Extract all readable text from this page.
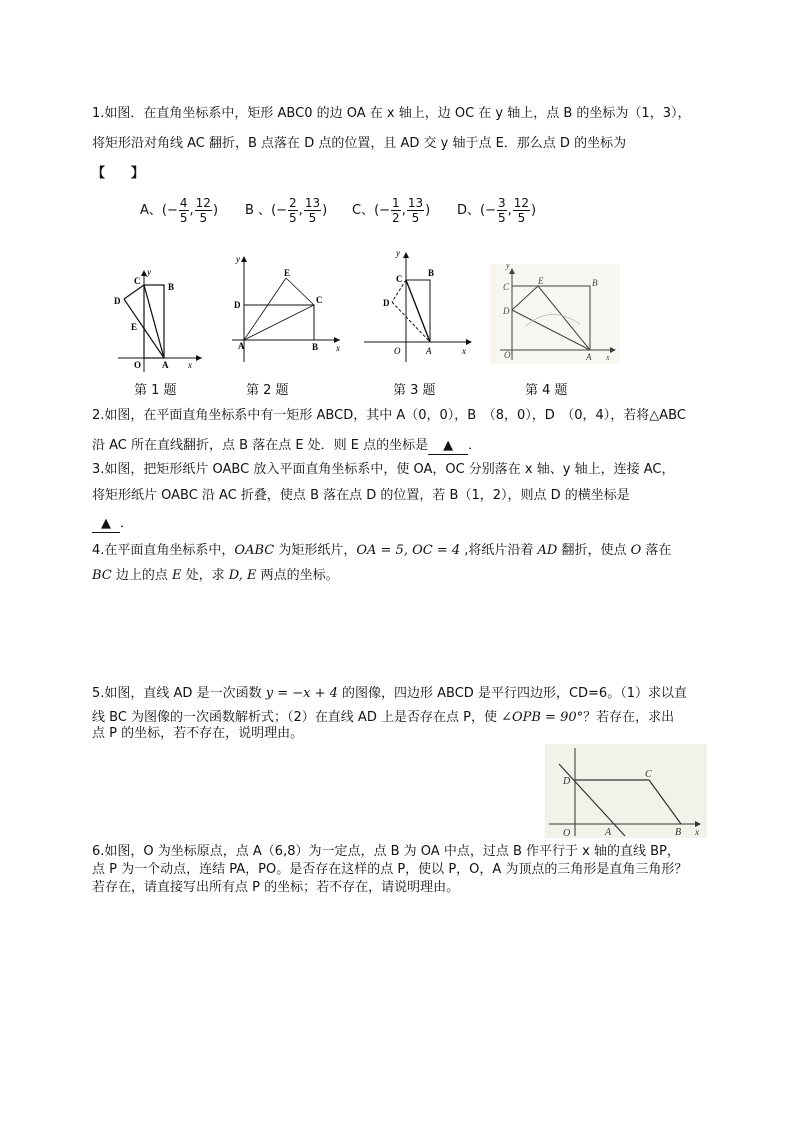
1.如图．在直角坐标系中，矩形 ABC0 的边 OA 在 x 轴上，边 OC 在 y 轴上，点 B 的坐标为（1，3），
将矩形沿对角线 AC 翻折，B 点落在 D 点的位置，且 AD 交 y 轴于点 E．那么点 D 的坐标为
【　　】
A、(− $\frac{4}{5}$ , $\frac{12}{5}$ ) B 、(− $\frac{2}{5}$ , $\frac{13}{5}$ ) C、(− $\frac{1}{2}$ , $\frac{13}{5}$ ) D、(− $\frac{3}{5}$ , $\frac{12}{5}$ )
y
C
B
D
E
O A x
y
E
D	C
A	B x
y
C
B
D
O	A	x
y
C
E	B
D
O	A x
第 1 题	第 2 题	第 3 题	第 4 题
2.如图，在平面直角坐标系中有一矩形 ABCD，其中 A（0，0），B　（8，0），D　（0，4），若将△ABC
沿 AC 所在直线翻折，点 B 落在点 E 处．则 E 点的坐标是 ▲ ．
3.如图，把矩形纸片 OABC 放入平面直角坐标系中，使 OA，OC 分别落在 x 轴、y 轴上，连接 AC，
将矩形纸片 OABC 沿 AC 折叠，使点 B 落在点 D 的位置，若 B（1，2），则点 D 的横坐标是
▲ ．
4.在平面直角坐标系中，OABC 为矩形纸片，OA = 5, OC = 4 ,将纸片沿着 AD 翻折，使点 O 落在
BC 边上的点 E 处，求 D, E 两点的坐标。
5.如图，直线 AD 是一次函数 y = −x + 4 的图像，四边形 ABCD 是平行四边形，CD=6。（1）求以直
线 BC 为图像的一次函数解析式；（2）在直线 AD 上是否存在点 P，使 ∠OPB = 90°？若存在，求出
点 P 的坐标，若不存在，说明理由。
D
C
O	A	B x
6.如图，O 为坐标原点，点 A（6,8）为一定点，点 B 为 OA 中点，过点 B 作平行于 x 轴的直线 BP，
点 P 为一个动点，连结 PA，PO。是否存在这样的点 P，使以 P，O，A 为顶点的三角形是直角三角形？
若存在，请直接写出所有点 P 的坐标；若不存在，请说明理由。
